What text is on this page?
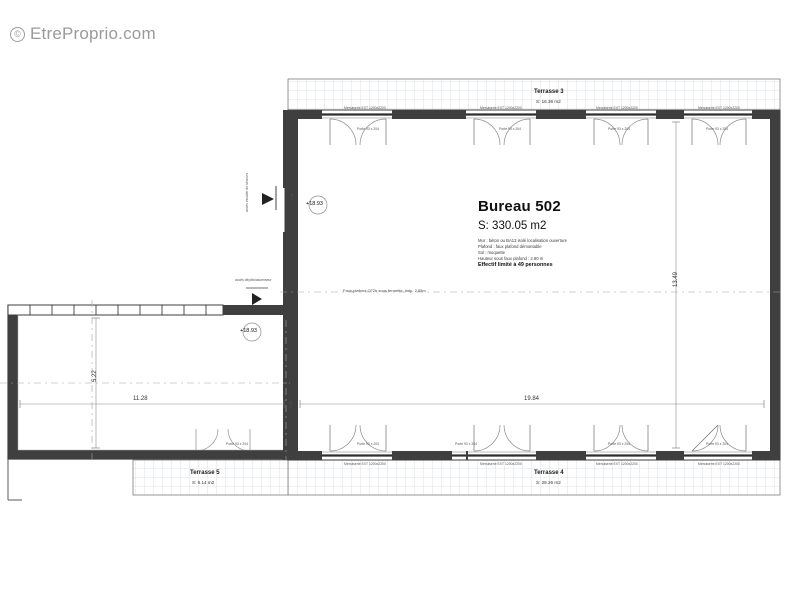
© EtreProprio.com
Bureau 502
S: 330.05 m2
Mur : béton ou BA13 isolé localisation ouverture
Plafond : faux plafond démontable
Sol : moquette
Hauteur sous faux plafond : 2.80 m
Effectif limité à 49 personnes
Faux-plafond CF2h sous fermette, indp. 2,85m
Terrasse 3
S: 16.36 m2
Terrasse 4
S: 28.26 m2
Terrasse 5
S: 6.14 m2
+18.93
+18.93
19.84
11.28
5.22
13.49
0.22
1.42
accès escalier de secours
accès dépôts/ascenseur
Menuiserie EXT 1200x2200	Menuiserie EXT 1200x2200	Menuiserie EXT 1200x2200	Menuiserie EXT 1200x2200
Menuiserie EXT 1200x2200	Menuiserie EXT 1200x2200	Menuiserie EXT 1200x2200	Menuiserie EXT 1200x2200
Porte 93 x 204	Porte 93 x 204	Porte 93 x 204	Porte 93 x 204
Porte 93 x 204	Porte 93 x 204	Porte 93 x 204	Porte 93 x 204	Porte 93 x 204
